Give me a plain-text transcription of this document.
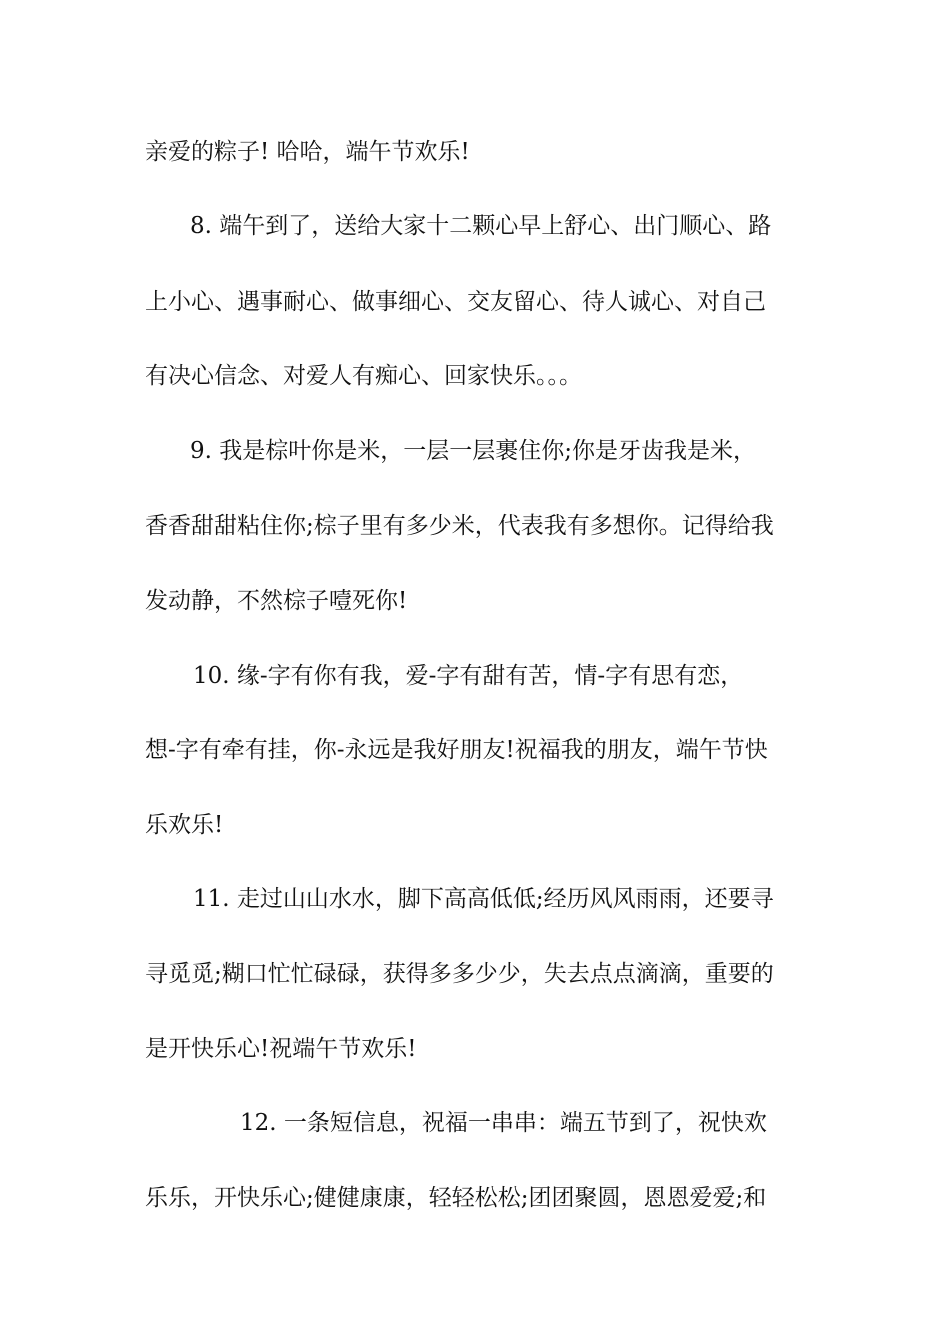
亲爱的粽子! 哈哈，端午节欢乐!
8. 端午到了，送给大家十二颗心早上舒心、出门顺心、路
上小心、遇事耐心、做事细心、交友留心、待人诚心、对自己
有决心信念、对爱人有痴心、回家快乐。。。
9. 我是棕叶你是米，一层一层裹住你;你是牙齿我是米，
香香甜甜粘住你;棕子里有多少米，代表我有多想你。记得给我
发动静，不然棕子噎死你!
10. 缘-字有你有我，爱-字有甜有苦，情-字有思有恋，
想-字有牵有挂，你-永远是我好朋友!祝福我的朋友，端午节快
乐欢乐!
11. 走过山山水水，脚下高高低低;经历风风雨雨，还要寻
寻觅觅;糊口忙忙碌碌，获得多多少少，失去点点滴滴，重要的
是开快乐心!祝端午节欢乐!
12. 一条短信息，祝福一串串：端五节到了，祝快欢
乐乐，开快乐心;健健康康，轻轻松松;团团聚圆，恩恩爱爱;和
